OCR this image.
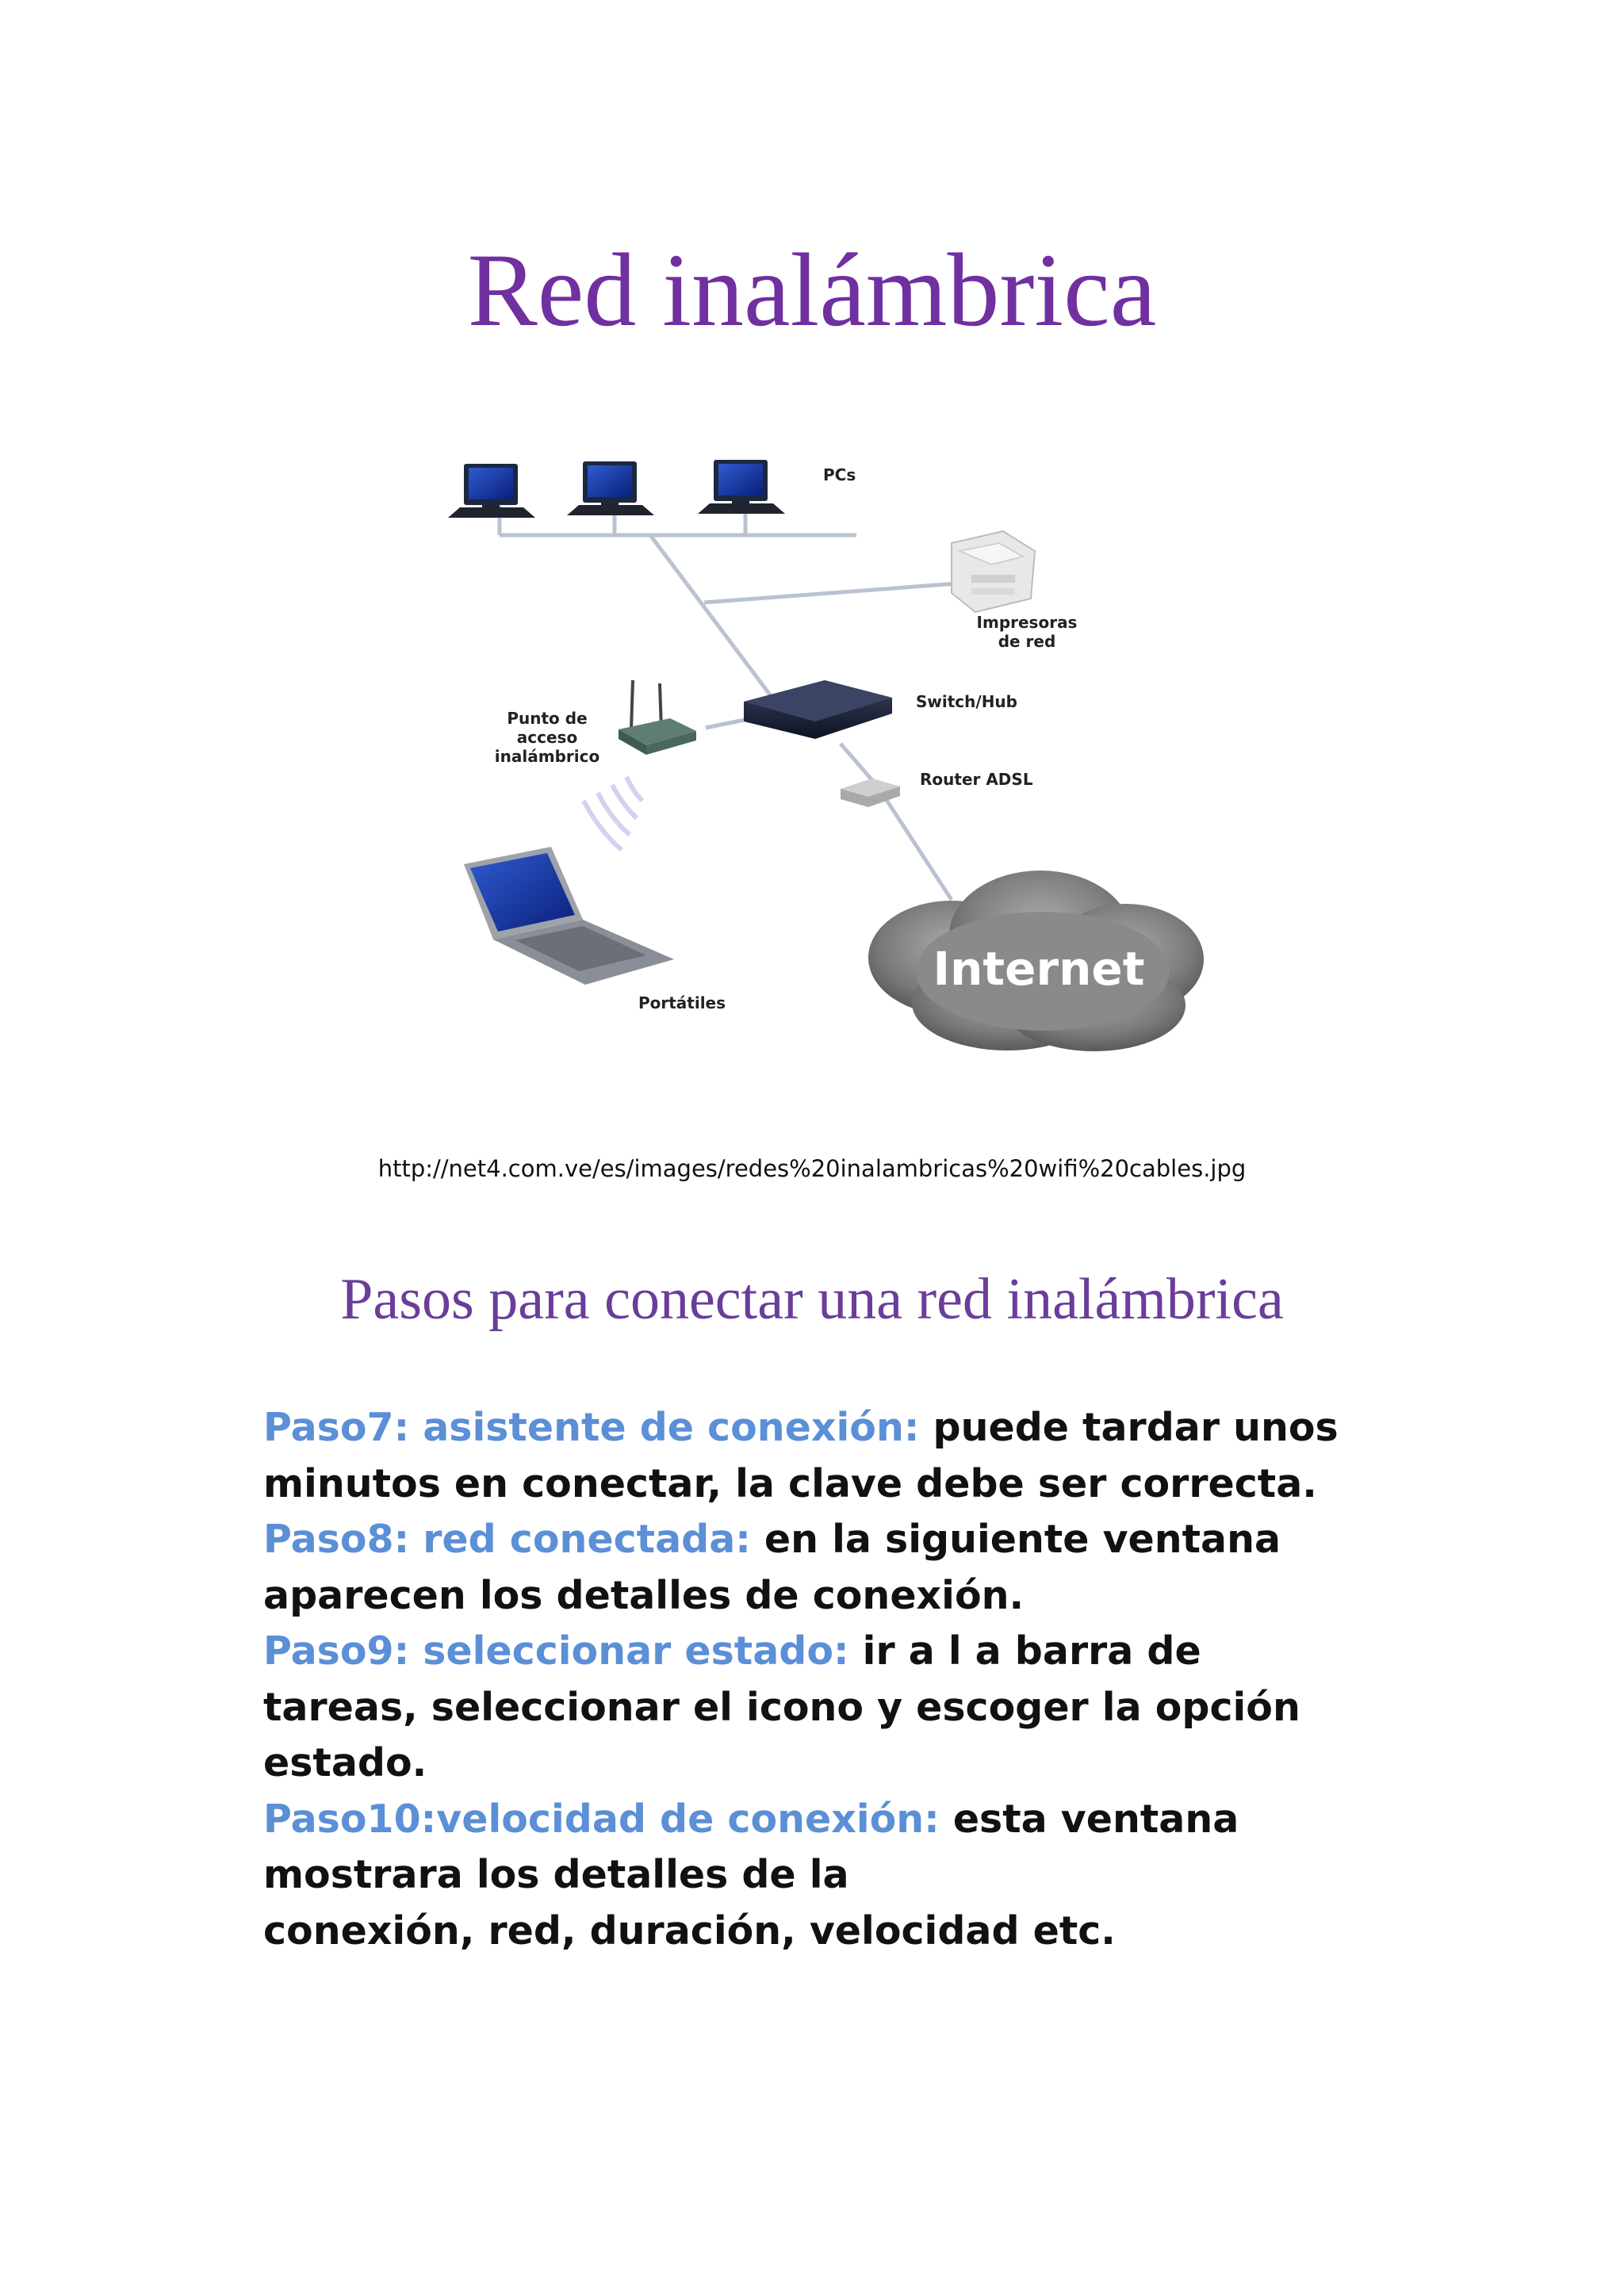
Red inalámbrica
PCs
Impresoras
de red
Switch/Hub
Punto de
acceso
inalámbrico
Router ADSL
Portátiles
Internet
http://net4.com.ve/es/images/redes%20inalambricas%20wifi%20cables.jpg
Pasos para conectar una red inalámbrica

Paso7: asistente de conexión: puede tardar unos
minutos en conectar, la clave debe ser correcta.

Paso8: red conectada: en la siguiente ventana
aparecen los detalles de conexión.

Paso9: seleccionar estado: ir a l a barra de
tareas, seleccionar el icono y escoger la opción
estado.

Paso10:velocidad de conexión: esta ventana
mostrara los detalles de la
conexión, red, duración, velocidad etc.
